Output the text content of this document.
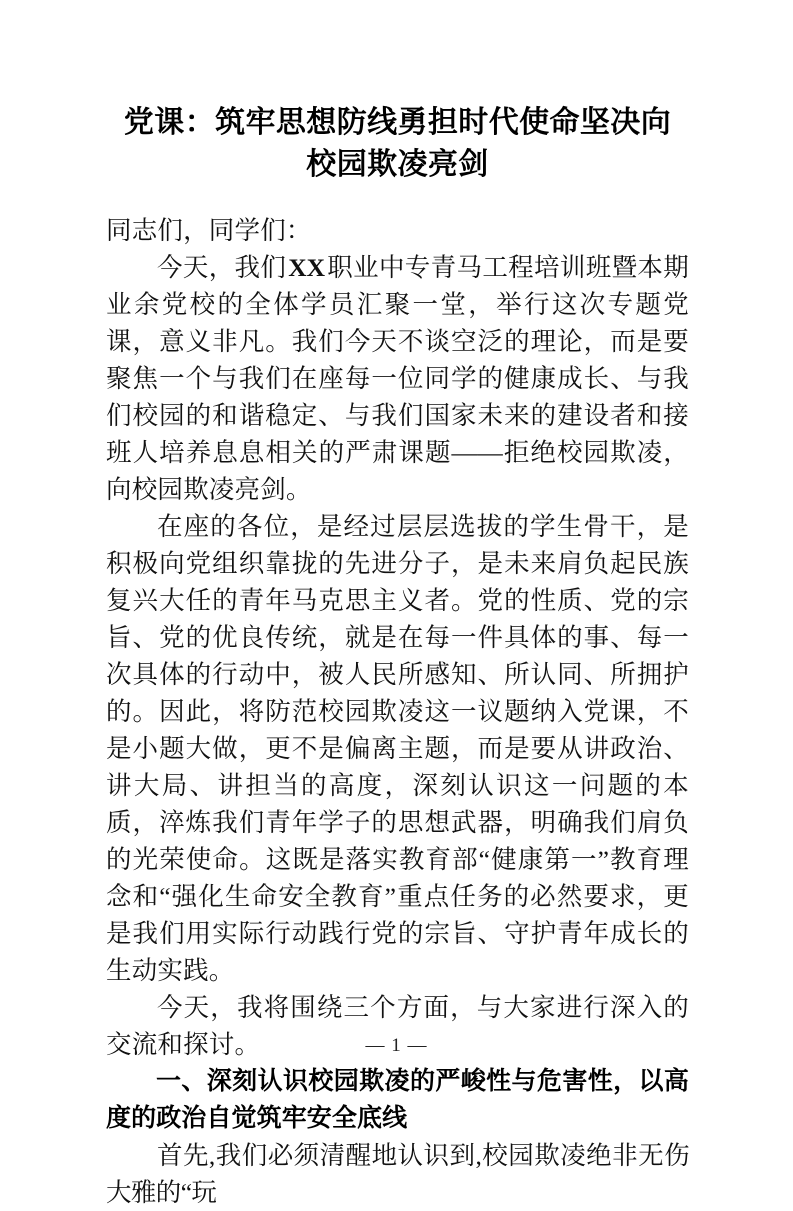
党课：筑牢思想防线勇担时代使命坚决向
校园欺凌亮剑

同志们，同学们：

今天，我们XX职业中专青马工程培训班暨本期业余党校的全体学员汇聚一堂，举行这次专题党课，意义非凡。我们今天不谈空泛的理论，而是要聚焦一个与我们在座每一位同学的健康成长、与我们校园的和谐稳定、与我们国家未来的建设者和接班人培养息息相关的严肃课题——拒绝校园欺凌，向校园欺凌亮剑。

在座的各位，是经过层层选拔的学生骨干，是积极向党组织靠拢的先进分子，是未来肩负起民族复兴大任的青年马克思主义者。党的性质、党的宗旨、党的优良传统，就是在每一件具体的事、每一次具体的行动中，被人民所感知、所认同、所拥护的。因此，将防范校园欺凌这一议题纳入党课，不是小题大做，更不是偏离主题，而是要从讲政治、讲大局、讲担当的高度，深刻认识这一问题的本质，淬炼我们青年学子的思想武器，明确我们肩负的光荣使命。这既是落实教育部“健康第一”教育理念和“强化生命安全教育”重点任务的必然要求，更是我们用实际行动践行党的宗旨、守护青年成长的生动实践。

今天，我将围绕三个方面，与大家进行深入的交流和探讨。

一、深刻认识校园欺凌的严峻性与危害性，以高度的政治自觉筑牢安全底线

首先,我们必须清醒地认识到,校园欺凌绝非无伤大雅的“玩

— 1 —
